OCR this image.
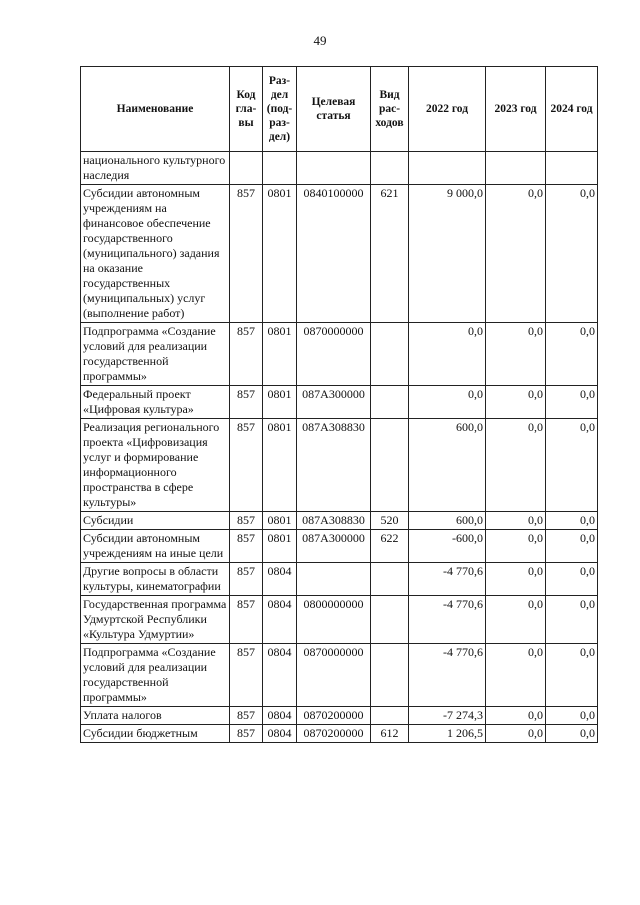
49
Наименование	Код гла- вы	Раз- дел (под- раз- дел)	Целевая статья	Вид рас- ходов	2022 год	2023 год	2024 год
национального культурного наследия							
Субсидии автономным учреждениям на финансовое обеспечение государственного (муниципального) задания на оказание государственных (муниципальных) услуг (выполнение работ)	857	0801	0840100000	621	9 000,0	0,0	0,0
Подпрограмма «Создание условий для реализации государственной программы»	857	0801	0870000000		0,0	0,0	0,0
Федеральный проект «Цифровая культура»	857	0801	087A300000		0,0	0,0	0,0
Реализация регионального проекта «Цифровизация услуг и формирование информационного пространства в сфере культуры»	857	0801	087A308830		600,0	0,0	0,0
Субсидии	857	0801	087A308830	520	600,0	0,0	0,0
Субсидии автономным учреждениям на иные цели	857	0801	087A300000	622	-600,0	0,0	0,0
Другие вопросы в области культуры, кинематографии	857	0804			-4 770,6	0,0	0,0
Государственная программа Удмуртской Республики «Культура Удмуртии»	857	0804	0800000000		-4 770,6	0,0	0,0
Подпрограмма «Создание условий для реализации государственной программы»	857	0804	0870000000		-4 770,6	0,0	0,0
Уплата налогов	857	0804	0870200000		-7 274,3	0,0	0,0
Субсидии бюджетным	857	0804	0870200000	612	1 206,5	0,0	0,0
